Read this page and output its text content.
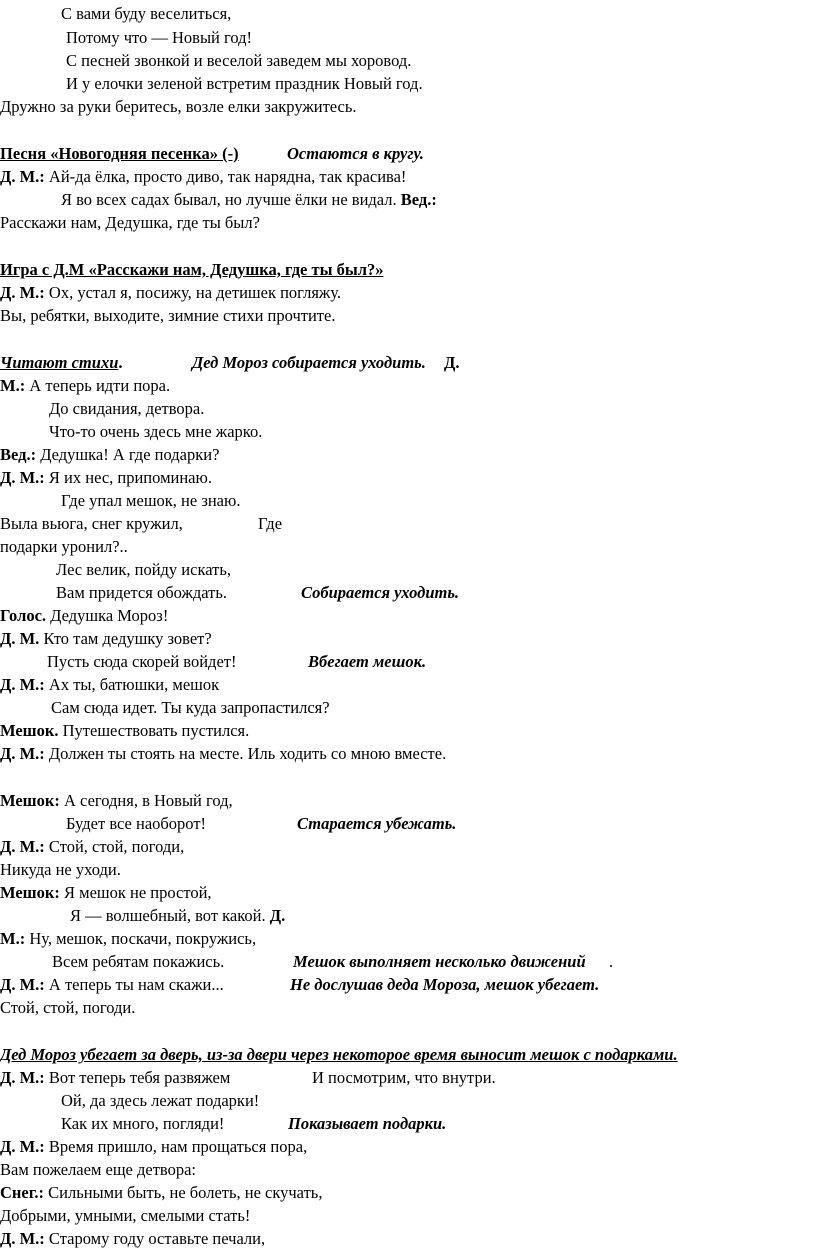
С вами буду веселиться,
Потому что — Новый год!
С песней звонкой и веселой заведем мы хоровод.
И у елочки зеленой встретим праздник Новый год.
Дружно за руки беритесь, возле елки закружитесь.
Песня «Новогодняя песенка» (-)	Остаются в кругу.
Д. М.: Ай-да ёлка, просто диво, так нарядна, так красива!
Я во всех садах бывал, но лучше ёлки не видал. Вед.:
Расскажи нам, Дедушка, где ты был?
Игра с Д.М «Расскажи нам, Дедушка, где ты был?»
Д. М.: Ох, устал я, посижу, на детишек погляжу.
Вы, ребятки, выходите, зимние стихи прочтите.
Читают стихи.	Дед Мороз собирается уходить. Д.
М.: А теперь идти пора.
До свидания, детвора.
Что-то очень здесь мне жарко.
Вед.: Дедушка! А где подарки?
Д. М.: Я их нес, припоминаю.
Где упал мешок, не знаю.
Выла вьюга, снег кружил,	Где
подарки уронил?..
Лес велик, пойду искать,
Вам придется обождать.	Собирается уходить.
Голос. Дедушка Мороз!
Д. М. Кто там дедушку зовет?
Пусть сюда скорей войдет!	Вбегает мешок.
Д. М.: Ах ты, батюшки, мешок
Сам сюда идет. Ты куда запропастился?
Мешок. Путешествовать пустился.
Д. М.: Должен ты стоять на месте. Иль ходить со мною вместе.
Мешок: А сегодня, в Новый год,
Будет все наоборот!	Старается убежать.
Д. М.: Стой, стой, погоди,
Никуда не уходи.
Мешок: Я мешок не простой,
Я — волшебный, вот какой. Д.
М.: Ну, мешок, поскачи, покружись,
Всем ребятам покажись.	Мешок выполняет несколько движений .
Д. М.: А теперь ты нам скажи...	Не дослушав деда Мороза, мешок убегает.
Стой, стой, погоди.
Дед Мороз убегает за дверь, из-за двери через некоторое время выносит мешок с подарками.
Д. М.: Вот теперь тебя развяжем	И посмотрим, что внутри.
Ой, да здесь лежат подарки!
Как их много, погляди!	Показывает подарки.
Д. М.: Время пришло, нам прощаться пора,
Вам пожелаем еще детвора:
Снег.: Сильными быть, не болеть, не скучать,
Добрыми, умными, смелыми стать!
Д. М.: Старому году оставьте печали,
